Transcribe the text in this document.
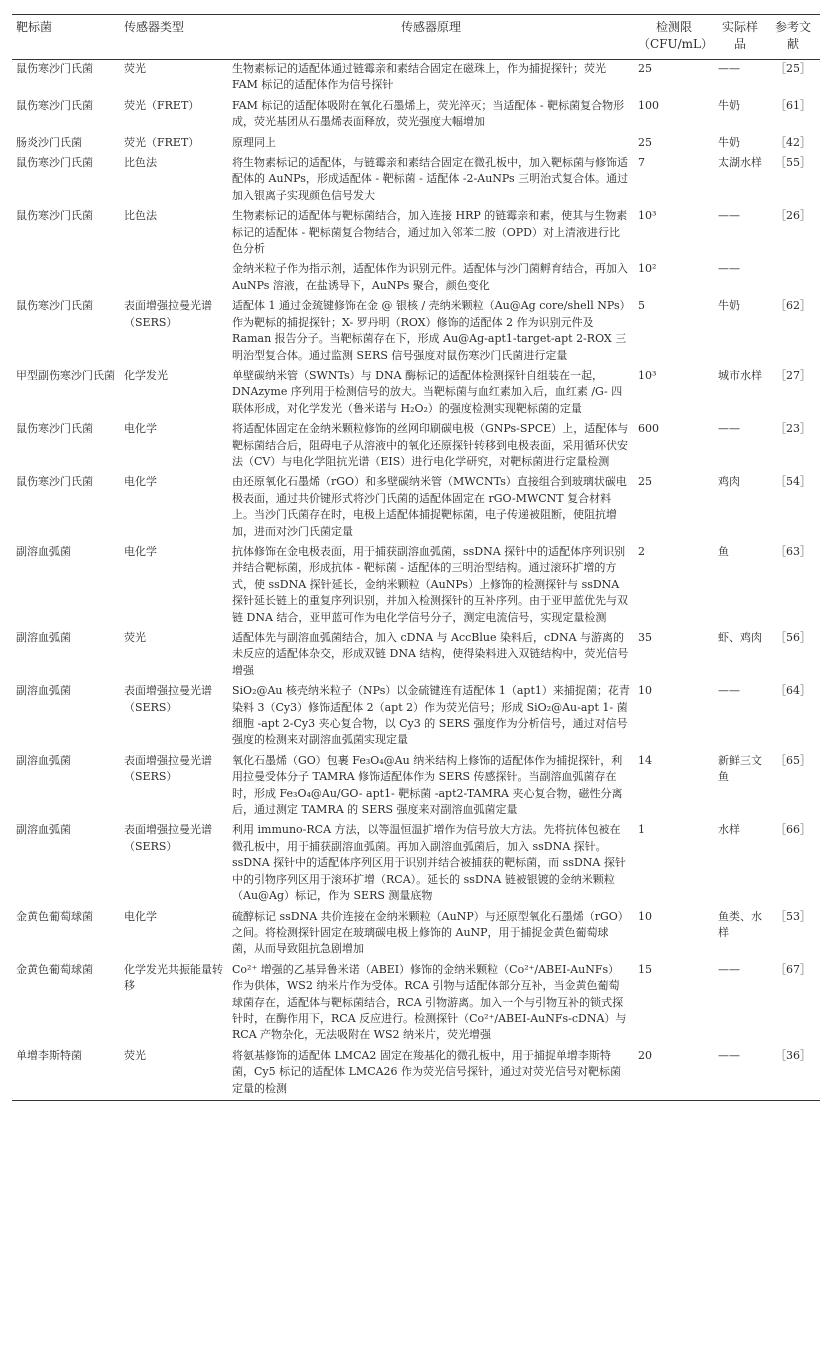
靶标菌	传感器类型	传感器原理	检测限（CFU/mL）	实际样品	参考文献
鼠伤寒沙门氏菌	荧光	生物素标记的适配体通过链霉亲和素结合固定在磁珠上，作为捕捉探针；荧光 FAM 标记的适配体作为信号探针	25	——	［25］
鼠伤寒沙门氏菌	荧光（FRET）	FAM 标记的适配体吸附在氧化石墨烯上，荧光淬灭；当适配体 - 靶标菌复合物形成，荧光基团从石墨烯表面释放，荧光强度大幅增加	100	牛奶	［61］
肠炎沙门氏菌	荧光（FRET）	原理同上	25	牛奶	［42］
鼠伤寒沙门氏菌	比色法	将生物素标记的适配体，与链霉亲和素结合固定在微孔板中，加入靶标菌与修饰适配体的 AuNPs，形成适配体 - 靶标菌 - 适配体 -2-AuNPs 三明治式复合体。通过加入银离子实现颜色信号发大	7	太湖水样	［55］
鼠伤寒沙门氏菌	比色法	生物素标记的适配体与靶标菌结合，加入连接 HRP 的链霉亲和素，使其与生物素标记的适配体 - 靶标菌复合物结合，通过加入邻苯二胺（OPD）对上清液进行比色分析	10³	——	［26］
		金纳米粒子作为指示剂，适配体作为识别元件。适配体与沙门菌孵育结合，再加入 AuNPs 溶液，在盐诱导下，AuNPs 聚合，颜色变化	10²	——	
鼠伤寒沙门氏菌	表面增强拉曼光谱（SERS）	适配体 1 通过金巯键修饰在金 @ 银核 / 壳纳米颗粒（Au@Ag core/shell NPs）作为靶标的捕捉探针；X- 罗丹明（ROX）修饰的适配体 2 作为识别元件及 Raman 报告分子。当靶标菌存在下，形成 Au@Ag-apt1-target-apt 2-ROX 三明治型复合体。通过监测 SERS 信号强度对鼠伤寒沙门氏菌进行定量	5	牛奶	［62］
甲型副伤寒沙门氏菌	化学发光	单壁碳纳米管（SWNTs）与 DNA 酶标记的适配体检测探针自组装在一起，DNAzyme 序列用于检测信号的放大。当靶标菌与血红素加入后，血红素 /G- 四联体形成，对化学发光（鲁米诺与 H₂O₂）的强度检测实现靶标菌的定量	10³	城市水样	［27］
鼠伤寒沙门氏菌	电化学	将适配体固定在金纳米颗粒修饰的丝网印刷碳电极（GNPs-SPCE）上，适配体与靶标菌结合后，阻碍电子从溶液中的氧化还原探针转移到电极表面，采用循环伏安法（CV）与电化学阻抗光谱（EIS）进行电化学研究，对靶标菌进行定量检测	600	——	［23］
鼠伤寒沙门氏菌	电化学	由还原氧化石墨烯（rGO）和多壁碳纳米管（MWCNTs）直接组合到玻璃状碳电极表面，通过共价键形式将沙门氏菌的适配体固定在 rGO-MWCNT 复合材料上。当沙门氏菌存在时，电极上适配体捕捉靶标菌，电子传递被阻断，使阻抗增加，进而对沙门氏菌定量	25	鸡肉	［54］
副溶血弧菌	电化学	抗体修饰在金电极表面，用于捕获副溶血弧菌，ssDNA 探针中的适配体序列识别并结合靶标菌，形成抗体 - 靶标菌 - 适配体的三明治型结构。通过滚环扩增的方式，使 ssDNA 探针延长，金纳米颗粒（AuNPs）上修饰的检测探针与 ssDNA 探针延长链上的重复序列识别，并加入检测探针的互补序列。由于亚甲蓝优先与双链 DNA 结合，亚甲蓝可作为电化学信号分子，测定电流信号，实现定量检测	2	鱼	［63］
副溶血弧菌	荧光	适配体先与副溶血弧菌结合，加入 cDNA 与 AccBlue 染料后，cDNA 与游离的未反应的适配体杂交，形成双链 DNA 结构，使得染料进入双链结构中，荧光信号增强	35	虾、鸡肉	［56］
副溶血弧菌	表面增强拉曼光谱（SERS）	SiO₂@Au 核壳纳米粒子（NPs）以金硫键连有适配体 1（apt1）来捕捉菌；花青染料 3（Cy3）修饰适配体 2（apt 2）作为荧光信号；形成 SiO₂@Au-apt 1- 菌细胞 -apt 2-Cy3 夹心复合物，以 Cy3 的 SERS 强度作为分析信号，通过对信号强度的检测来对副溶血弧菌实现定量	10	——	［64］
副溶血弧菌	表面增强拉曼光谱（SERS）	氧化石墨烯（GO）包裹 Fe₃O₄@Au 纳米结构上修饰的适配体作为捕捉探针，利用拉曼受体分子 TAMRA 修饰适配体作为 SERS 传感探针。当副溶血弧菌存在时，形成 Fe₃O₄@Au/GO- apt1- 靶标菌 -apt2-TAMRA 夹心复合物，磁性分离后，通过测定 TAMRA 的 SERS 强度来对副溶血弧菌定量	14	新鲜三文鱼	［65］
副溶血弧菌	表面增强拉曼光谱（SERS）	利用 immuno-RCA 方法，以等温恒温扩增作为信号放大方法。先将抗体包被在微孔板中，用于捕获副溶血弧菌。再加入副溶血弧菌后，加入 ssDNA 探针。ssDNA 探针中的适配体序列区用于识别并结合被捕获的靶标菌，而 ssDNA 探针中的引物序列区用于滚环扩增（RCA）。延长的 ssDNA 链被银镀的金纳米颗粒（Au@Ag）标记，作为 SERS 测量底物	1	水样	［66］
金黄色葡萄球菌	电化学	硫醇标记 ssDNA 共价连接在金纳米颗粒（AuNP）与还原型氧化石墨烯（rGO）之间。将检测探针固定在玻璃碳电极上修饰的 AuNP，用于捕捉金黄色葡萄球菌，从而导致阻抗急剧增加	10	鱼类、水样	［53］
金黄色葡萄球菌	化学发光共振能量转移	Co²⁺ 增强的乙基异鲁米诺（ABEI）修饰的金纳米颗粒（Co²⁺/ABEI-AuNFs）作为供体，WS2 纳米片作为受体。RCA 引物与适配体部分互补，当金黄色葡萄球菌存在，适配体与靶标菌结合，RCA 引物游离。加入一个与引物互补的锁式探针时，在酶作用下，RCA 反应进行。检测探针（Co²⁺/ABEI-AuNFs-cDNA）与 RCA 产物杂化，无法吸附在 WS2 纳米片，荧光增强	15	——	［67］
单增李斯特菌	荧光	将氨基修饰的适配体 LMCA2 固定在羧基化的微孔板中，用于捕捉单增李斯特菌，Cy5 标记的适配体 LMCA26 作为荧光信号探针，通过对荧光信号对靶标菌定量的检测	20	——	［36］
